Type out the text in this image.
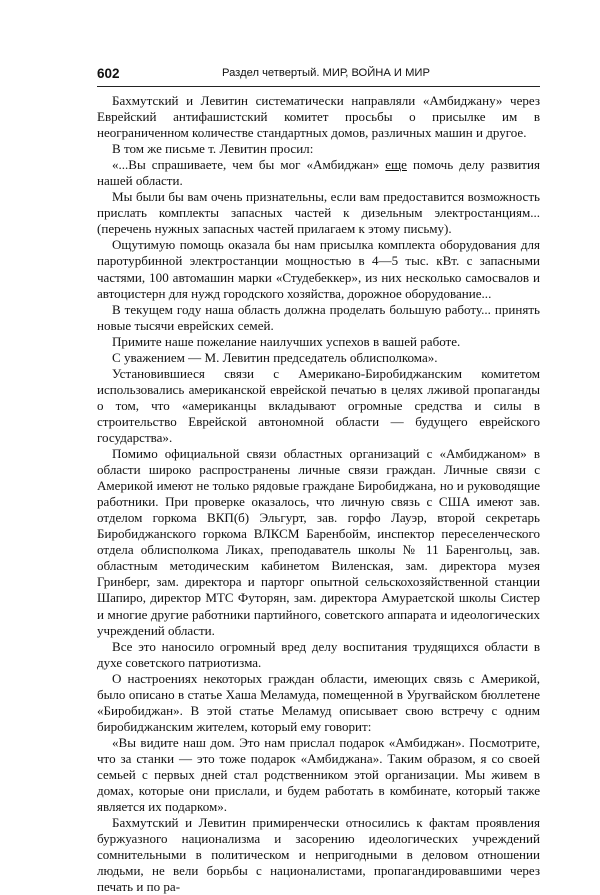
602	Раздел четвертый. МИР, ВОЙНА И МИР

Бахмутский и Левитин систематически направляли «Амбиджану» через Еврейский антифашистский комитет просьбы о присылке им в неограниченном количестве стандартных домов, различных машин и другое.

В том же письме т. Левитин просил:

«...Вы спрашиваете, чем бы мог «Амбиджан» еще помочь делу развития нашей области.

Мы были бы вам очень признательны, если вам предоставится возможность прислать комплекты запасных частей к дизельным электростанциям... (перечень нужных запасных частей прилагаем к этому письму).

Ощутимую помощь оказала бы нам присылка комплекта оборудования для паротурбинной электростанции мощностью в 4—5 тыс. кВт. с запасными частями, 100 автомашин марки «Студебеккер», из них несколько самосвалов и автоцистерн для нужд городского хозяйства, дорожное оборудование...

В текущем году наша область должна проделать большую работу... принять новые тысячи еврейских семей.

Примите наше пожелание наилучших успехов в вашей работе.

С уважением — М. Левитин председатель облисполкома».

Установившиеся связи с Американо-Биробиджанским комитетом использовались американской еврейской печатью в целях лживой пропаганды о том, что «американцы вкладывают огромные средства и силы в строительство Еврейской автономной области — будущего еврейского государства».

Помимо официальной связи областных организаций с «Амбиджаном» в области широко распространены личные связи граждан. Личные связи с Америкой имеют не только рядовые граждане Биробиджана, но и руководящие работники. При проверке оказалось, что личную связь с США имеют зав. отделом горкома ВКП(б) Эльгурт, зав. горфо Лауэр, второй секретарь Биробиджанского горкома ВЛКСМ Баренбойм, инспектор переселенческого отдела облисполкома Ликах, преподаватель школы № 11 Баренгольц, зав. областным методическим кабинетом Виленская, зам. директора музея Гринберг, зам. директора и парторг опытной сельскохозяйственной станции Шапиро, директор МТС Футорян, зам. директора Амураетской школы Систер и многие другие работники партийного, советского аппарата и идеологических учреждений области.

Все это наносило огромный вред делу воспитания трудящихся области в духе советского патриотизма.

О настроениях некоторых граждан области, имеющих связь с Америкой, было описано в статье Хаша Меламуда, помещенной в Уругвайском бюллетене «Биробиджан». В этой статье Меламуд описывает свою встречу с одним биробиджанским жителем, который ему говорит:

«Вы видите наш дом. Это нам прислал подарок «Амбиджан». Посмотрите, что за станки — это тоже подарок «Амбиджана». Таким образом, я со своей семьей с первых дней стал родственником этой организации. Мы живем в домах, которые они прислали, и будем работать в комбинате, который также является их подарком».

Бахмутский и Левитин примиренчески относились к фактам проявления буржуазного национализма и засорению идеологических учреждений сомнительными в политическом и непригодными в деловом отношении людьми, не вели борьбы с националистами, пропагандировавшими через печать и по ра-
